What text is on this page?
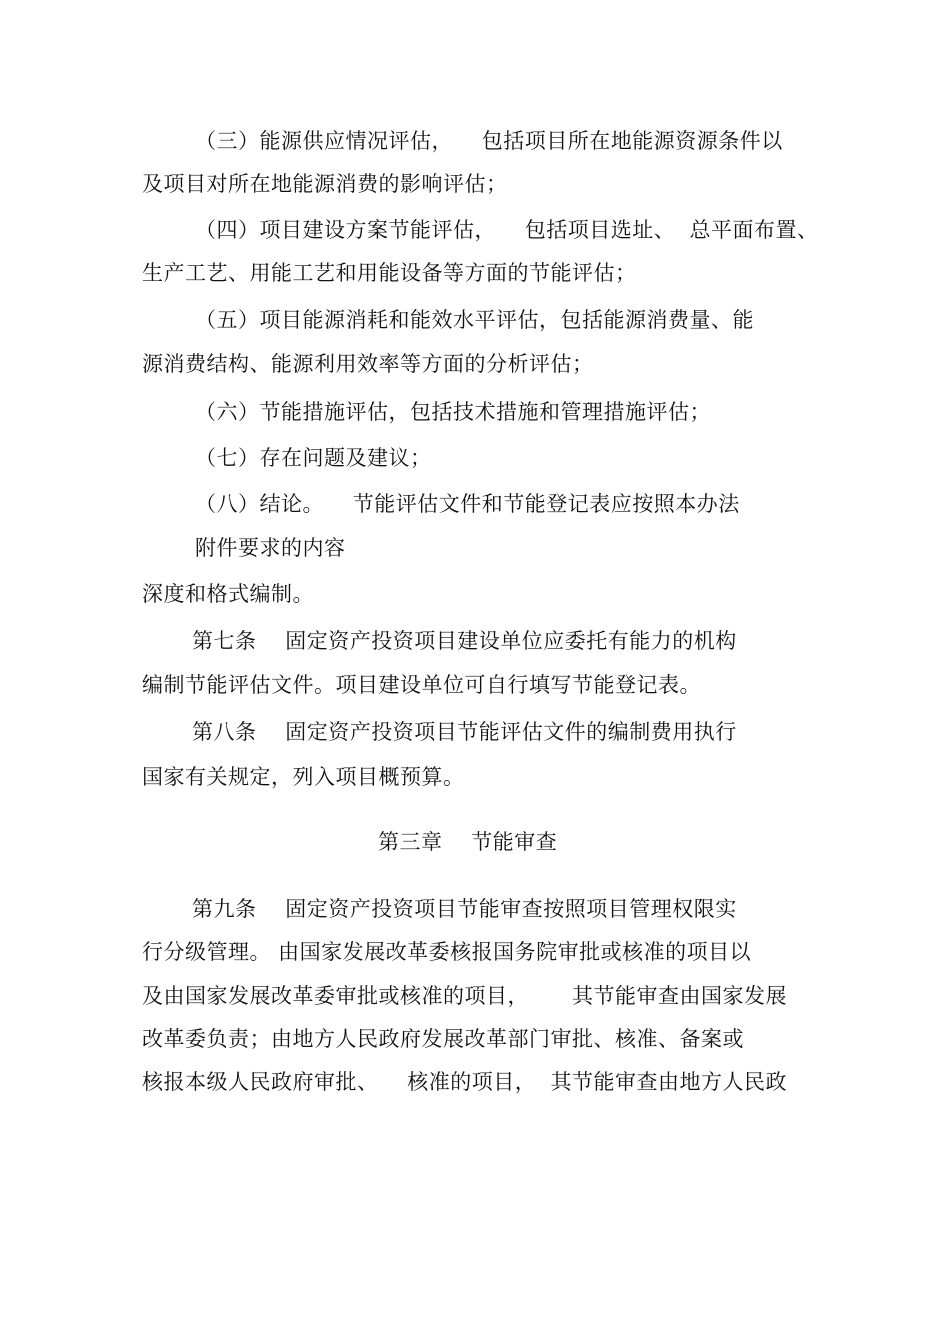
（三）能源供应情况评估，    包括项目所在地能源资源条件以
及项目对所在地能源消费的影响评估；
（四）项目建设方案节能评估，    包括项目选址、  总平面布置、
生产工艺、用能工艺和用能设备等方面的节能评估；
（五）项目能源消耗和能效水平评估，包括能源消费量、能
源消费结构、能源利用效率等方面的分析评估；
（六）节能措施评估，包括技术措施和管理措施评估；
（七）存在问题及建议；
（八）结论。    节能评估文件和节能登记表应按照本办法
附件要求的内容
深度和格式编制。
第七条    固定资产投资项目建设单位应委托有能力的机构
编制节能评估文件。项目建设单位可自行填写节能登记表。
第八条    固定资产投资项目节能评估文件的编制费用执行
国家有关规定，列入项目概预算。
第三章    节能审查
第九条    固定资产投资项目节能审查按照项目管理权限实
行分级管理。 由国家发展改革委核报国务院审批或核准的项目以
及由国家发展改革委审批或核准的项目，      其节能审查由国家发展
改革委负责；由地方人民政府发展改革部门审批、核准、备案或
核报本级人民政府审批、    核准的项目，  其节能审查由地方人民政
